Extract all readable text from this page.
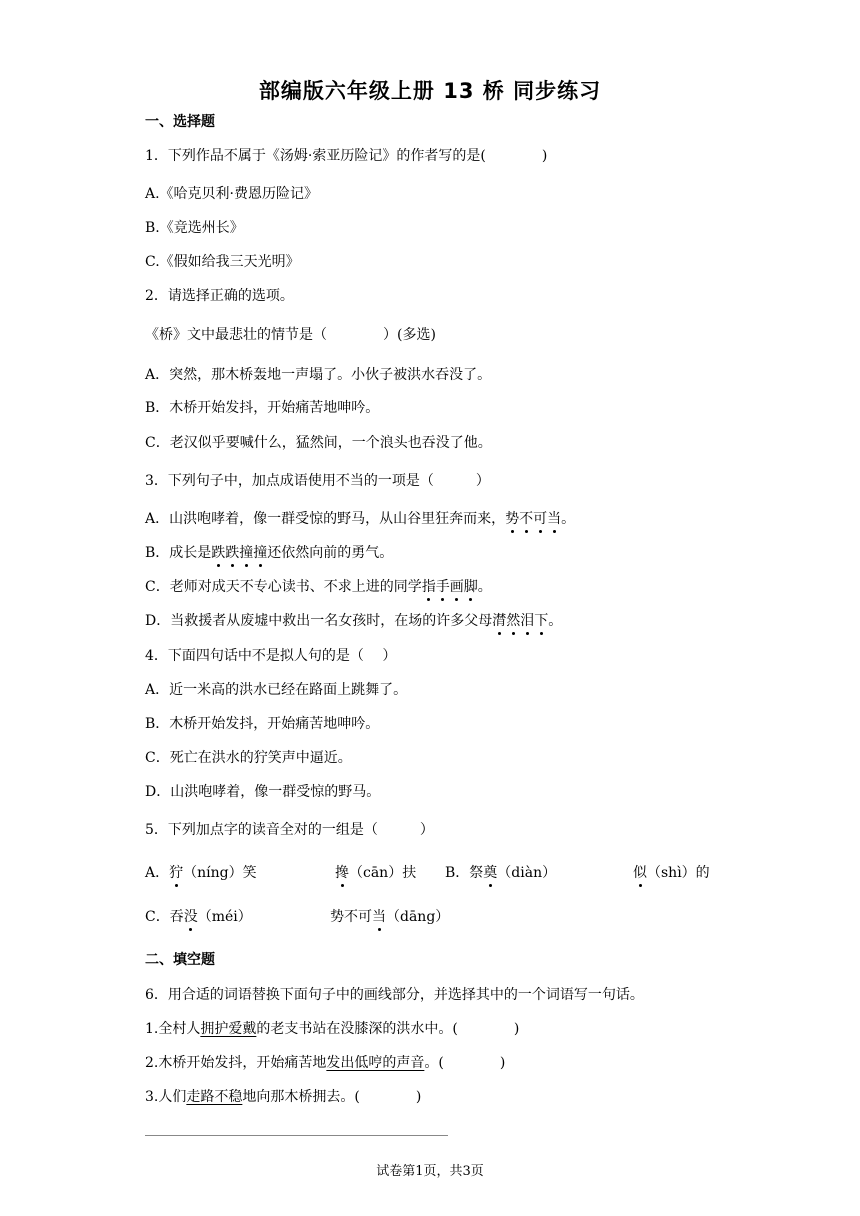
部编版六年级上册 13 桥 同步练习
一、选择题
1．下列作品不属于《汤姆·索亚历险记》的作者写的是(　　　　)
A.《哈克贝利·费恩历险记》
B.《竞选州长》
C.《假如给我三天光明》
2．请选择正确的选项。
《桥》文中最悲壮的情节是（　　　　）(多选)
A．突然，那木桥轰地一声塌了。小伙子被洪水吞没了。
B．木桥开始发抖，开始痛苦地呻吟。
C．老汉似乎要喊什么，猛然间，一个浪头也吞没了他。
3．下列句子中，加点成语使用不当的一项是（　　　）
A．山洪咆哮着，像一群受惊的野马，从山谷里狂奔而来，势不可当。
B．成长是跌跌撞撞还依然向前的勇气。
C．老师对成天不专心读书、不求上进的同学指手画脚。
D．当救援者从废墟中救出一名女孩时，在场的许多父母潸然泪下。
4．下面四句话中不是拟人句的是（　 ）
A．近一米高的洪水已经在路面上跳舞了。
B．木桥开始发抖，开始痛苦地呻吟。
C．死亡在洪水的狞笑声中逼近。
D．山洪咆哮着，像一群受惊的野马。
5．下列加点字的读音全对的一组是（　　　）
A．狞（níng）笑	搀（cān）扶 B．祭奠（diàn）	似（shì）的
C．吞没（méi）	势不可当（dāng）
二、填空题
6．用合适的词语替换下面句子中的画线部分，并选择其中的一个词语写一句话。
1.全村人拥护爱戴的老支书站在没膝深的洪水中。(　　　　)
2.木桥开始发抖，开始痛苦地发出低哼的声音。(　　　　)
3.人们走路不稳地向那木桥拥去。(　　　　)
试卷第1页，共3页
